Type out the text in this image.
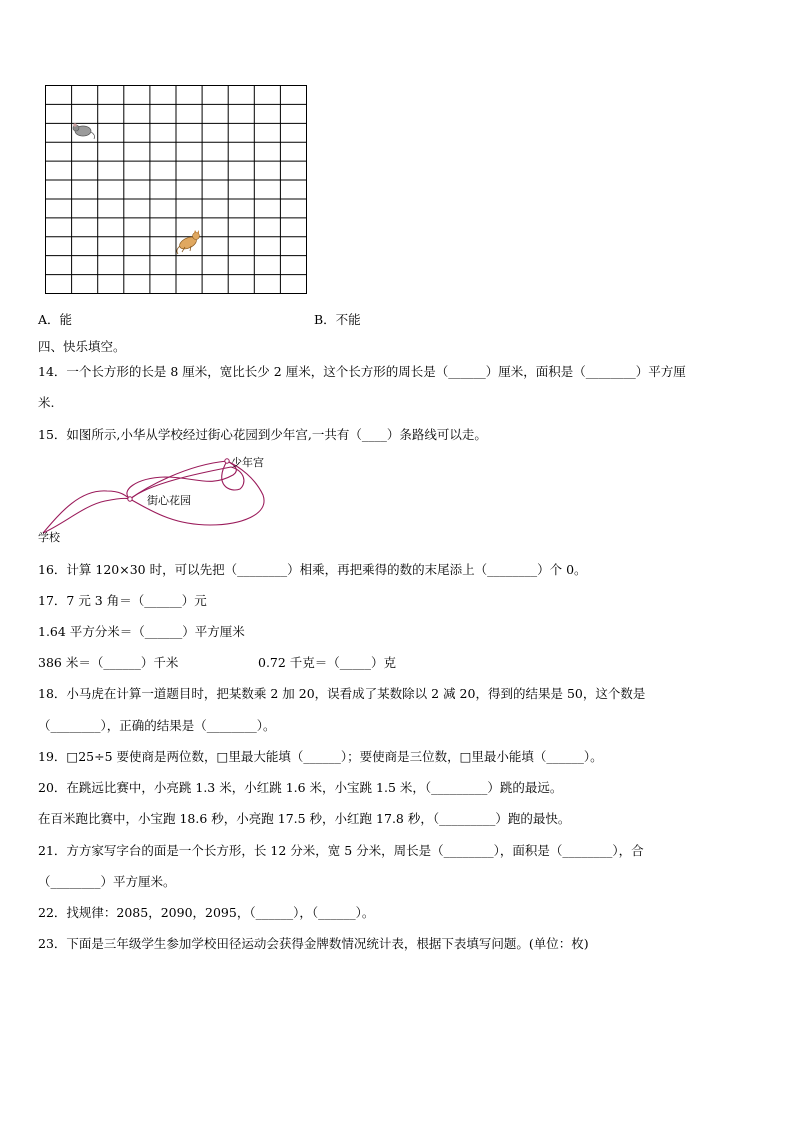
A．能	B．不能
四、快乐填空。
14．一个长方形的长是 8 厘米，宽比长少 2 厘米，这个长方形的周长是（______）厘米，面积是（________）平方厘
米.
15．如图所示,小华从学校经过街心花园到少年宫,一共有（____）条路线可以走。
少年宫
街心花园
学校
16．计算 120×30 时，可以先把（________）相乘，再把乘得的数的末尾添上（________）个 0。
17．7 元 3 角＝（______）元
1.64 平方分米＝（______）平方厘米
386 米＝（______）千米	0.72 千克＝（_____）克
18．小马虎在计算一道题目时，把某数乘 2 加 20，误看成了某数除以 2 减 20，得到的结果是 50，这个数是
（________），正确的结果是（________）。
19．□25÷5 要使商是两位数，□里最大能填（______）；要使商是三位数，□里最小能填（______）。
20．在跳远比赛中，小亮跳 1.3 米，小红跳 1.6 米，小宝跳 1.5 米，（_________）跳的最远。
在百米跑比赛中，小宝跑 18.6 秒，小亮跑 17.5 秒，小红跑 17.8 秒，（_________）跑的最快。
21．方方家写字台的面是一个长方形，长 12 分米，宽 5 分米，周长是（________），面积是（________），合
（________）平方厘米。
22．找规律：2085，2090，2095，（______），（______）。
23．下面是三年级学生参加学校田径运动会获得金牌数情况统计表，根据下表填写问题。(单位：枚)
